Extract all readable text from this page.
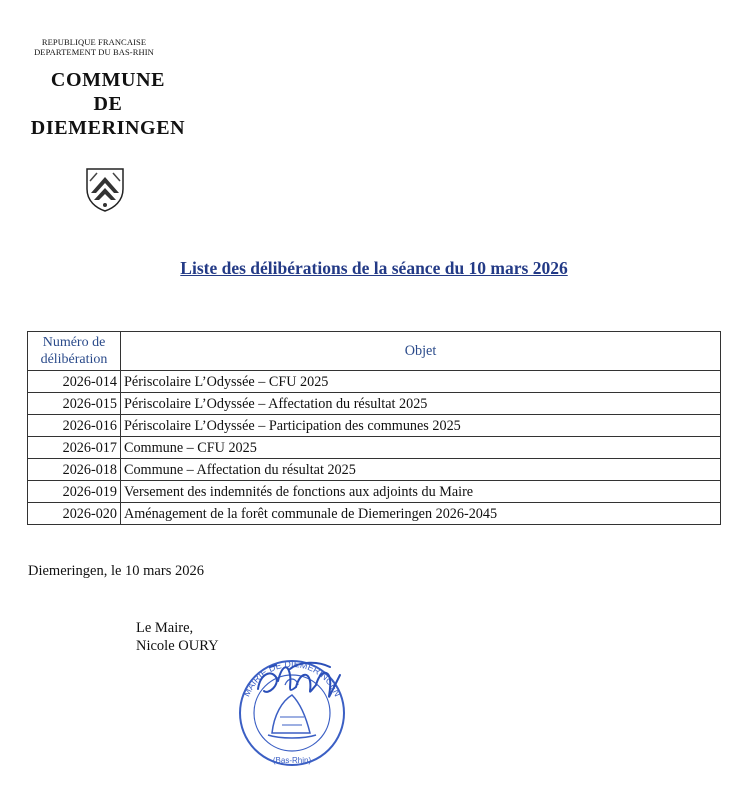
REPUBLIQUE FRANCAISE
DEPARTEMENT DU BAS-RHIN
COMMUNE
DE
DIEMERINGEN
Liste des délibérations de la séance du 10 mars 2026
Numéro de
délibération	Objet
2026-014	Périscolaire L’Odyssée – CFU 2025
2026-015	Périscolaire L’Odyssée – Affectation du résultat 2025
2026-016	Périscolaire L’Odyssée – Participation des communes 2025
2026-017	Commune – CFU 2025
2026-018	Commune – Affectation du résultat 2025
2026-019	Versement des indemnités de fonctions aux adjoints du Maire
2026-020	Aménagement de la forêt communale de Diemeringen 2026-2045
Diemeringen, le 10 mars 2026
Le Maire,
Nicole OURY
MAIRIE DE DIEMERINGEN
(Bas-Rhin)
